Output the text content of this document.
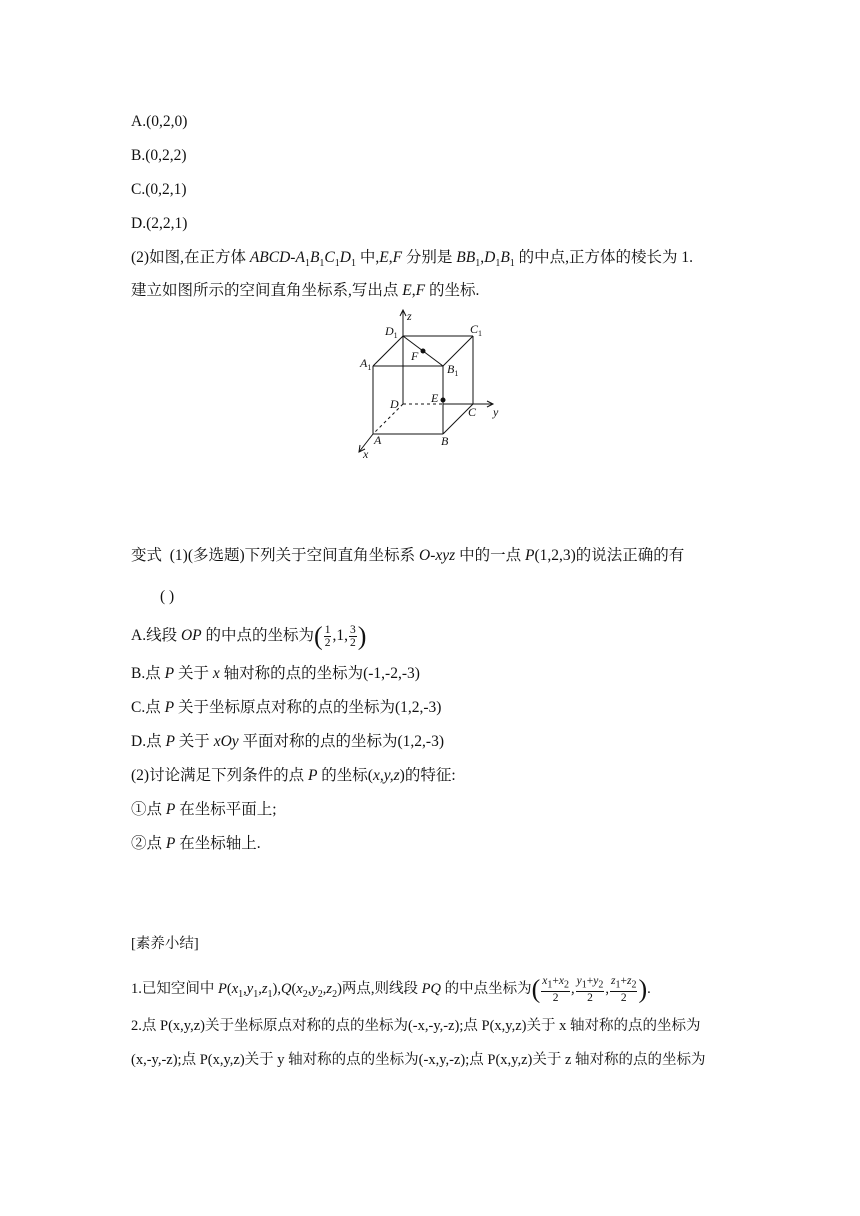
A.(0,2,0)
B.(0,2,2)
C.(0,2,1)
D.(2,2,1)
(2)如图,在正方体 ABCD-$A_1B_1C_1D_1$ 中,E,F 分别是 $BB_1,D_1B_1$ 的中点,正方体的棱长为 1.
建立如图所示的空间直角坐标系,写出点 E,F 的坐标.
z
y
x
$D_1$	$C_1$
$A_1$	$B_1$
F
E
D
C
A	B
变式 (1)(多选题)下列关于空间直角坐标系 O-xyz 中的一点 P(1,2,3)的说法正确的有
( )
A.线段 OP 的中点的坐标为( $\frac{1}{2} ,1$, $\frac{3}{2}$ )
B.点 P 关于 x 轴对称的点的坐标为(-1,-2,-3)
C.点 P 关于坐标原点对称的点的坐标为(1,2,-3)
D.点 P 关于 xOy 平面对称的点的坐标为(1,2,-3)
(2)讨论满足下列条件的点 P 的坐标(x,y,z)的特征:
①点 P 在坐标平面上;
②点 P 在坐标轴上.
[素养小结]
1.已知空间中 $P(x_1,y_1,z_1),Q(x_2,y_2,z_2)$两点,则线段 PQ 的中点坐标为( $\frac{x_1+x_2}{2}$ , $\frac{y_1+y_2}{2}$ , $\frac{z_1+z_2}{2}$ ).
2.点 P(x,y,z)关于坐标原点对称的点的坐标为(-x,-y,-z);点 P(x,y,z)关于 x 轴对称的点的坐标为
(x,-y,-z);点 P(x,y,z)关于 y 轴对称的点的坐标为(-x,y,-z);点 P(x,y,z)关于 z 轴对称的点的坐标为
